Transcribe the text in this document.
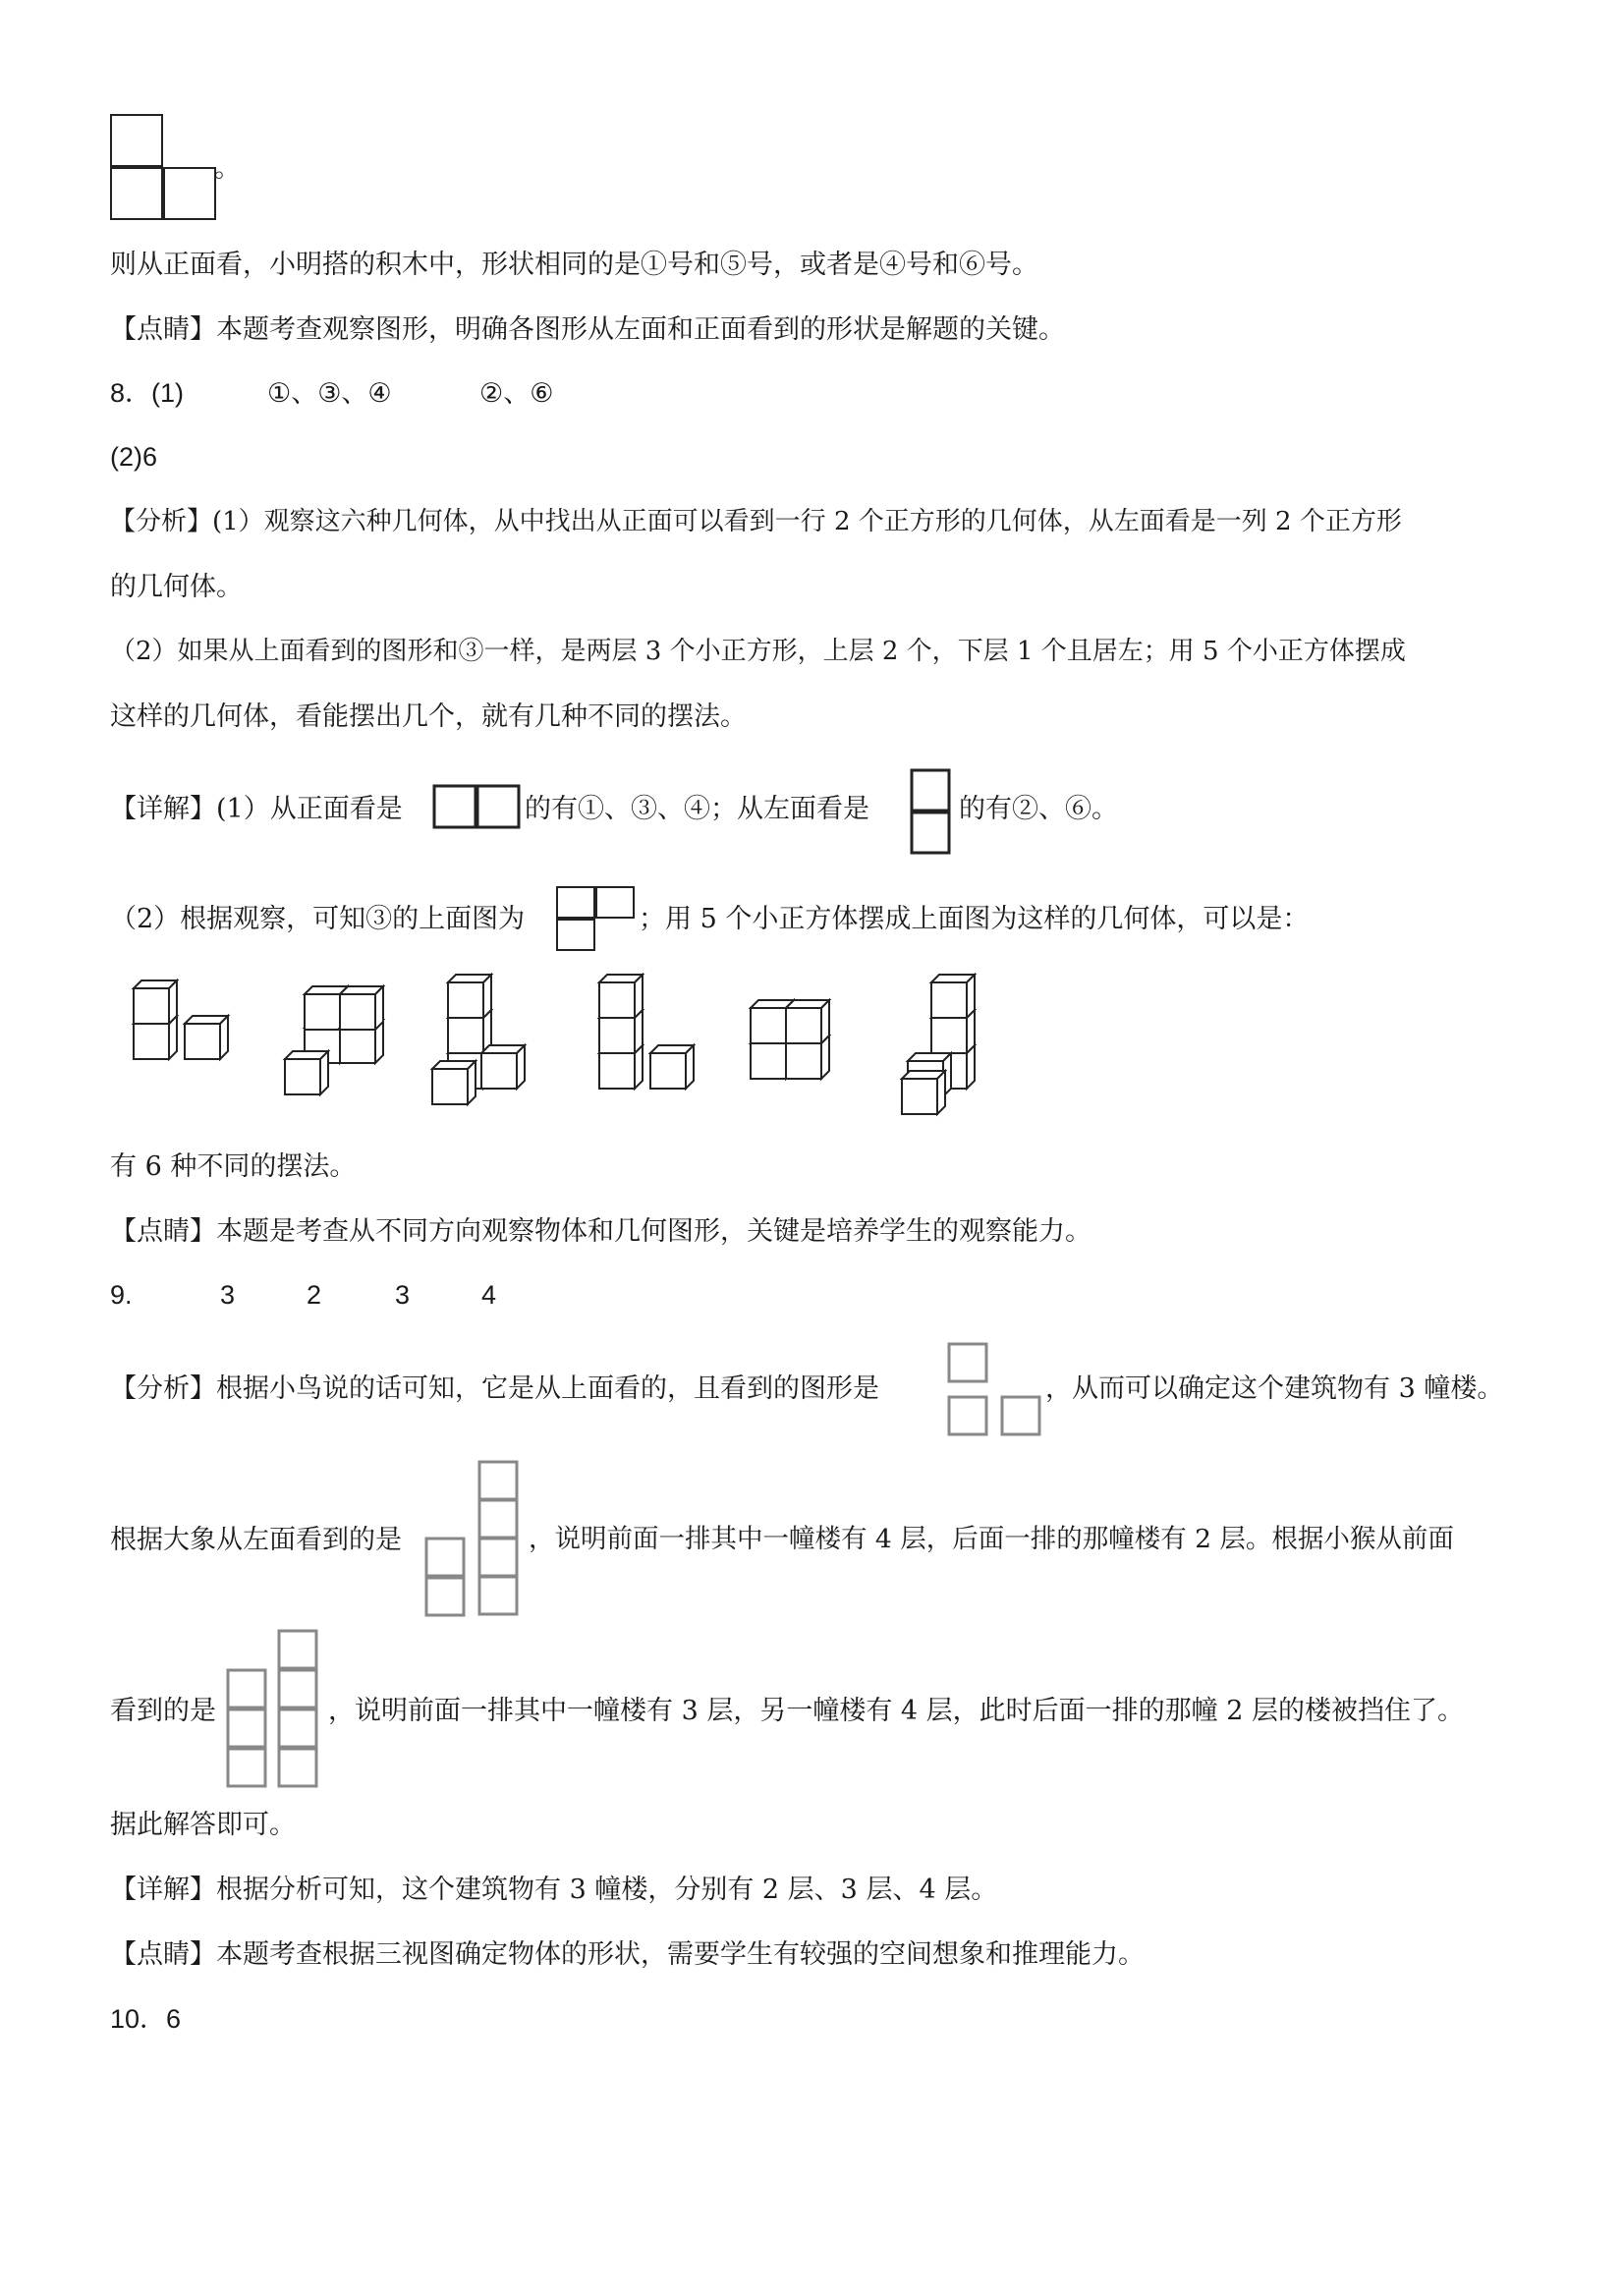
。
则从正面看，小明搭的积木中，形状相同的是①号和⑤号，或者是④号和⑥号。
【点睛】本题考查观察图形，明确各图形从左面和正面看到的形状是解题的关键。
8．(1)	①、③、④	②、⑥
(2)6
【分析】(1）观察这六种几何体，从中找出从正面可以看到一行 2 个正方形的几何体，从左面看是一列 2 个正方形
的几何体。
（2）如果从上面看到的图形和③一样，是两层 3 个小正方形，上层 2 个，下层 1 个且居左；用 5 个小正方体摆成
这样的几何体，看能摆出几个，就有几种不同的摆法。
【详解】(1）从正面看是	的有①、③、④；从左面看是	的有②、⑥。
（2）根据观察，可知③的上面图为	；用 5 个小正方体摆成上面图为这样的几何体，可以是：
有 6 种不同的摆法。
【点睛】本题是考查从不同方向观察物体和几何图形，关键是培养学生的观察能力。
9.	3	2	3	4
【分析】根据小鸟说的话可知，它是从上面看的，且看到的图形是	，从而可以确定这个建筑物有 3 幢楼。
根据大象从左面看到的是	，说明前面一排其中一幢楼有 4 层，后面一排的那幢楼有 2 层。根据小猴从前面
看到的是	，说明前面一排其中一幢楼有 3 层，另一幢楼有 4 层，此时后面一排的那幢 2 层的楼被挡住了。
据此解答即可。
【详解】根据分析可知，这个建筑物有 3 幢楼，分别有 2 层、3 层、4 层。
【点睛】本题考查根据三视图确定物体的形状，需要学生有较强的空间想象和推理能力。
10．6
